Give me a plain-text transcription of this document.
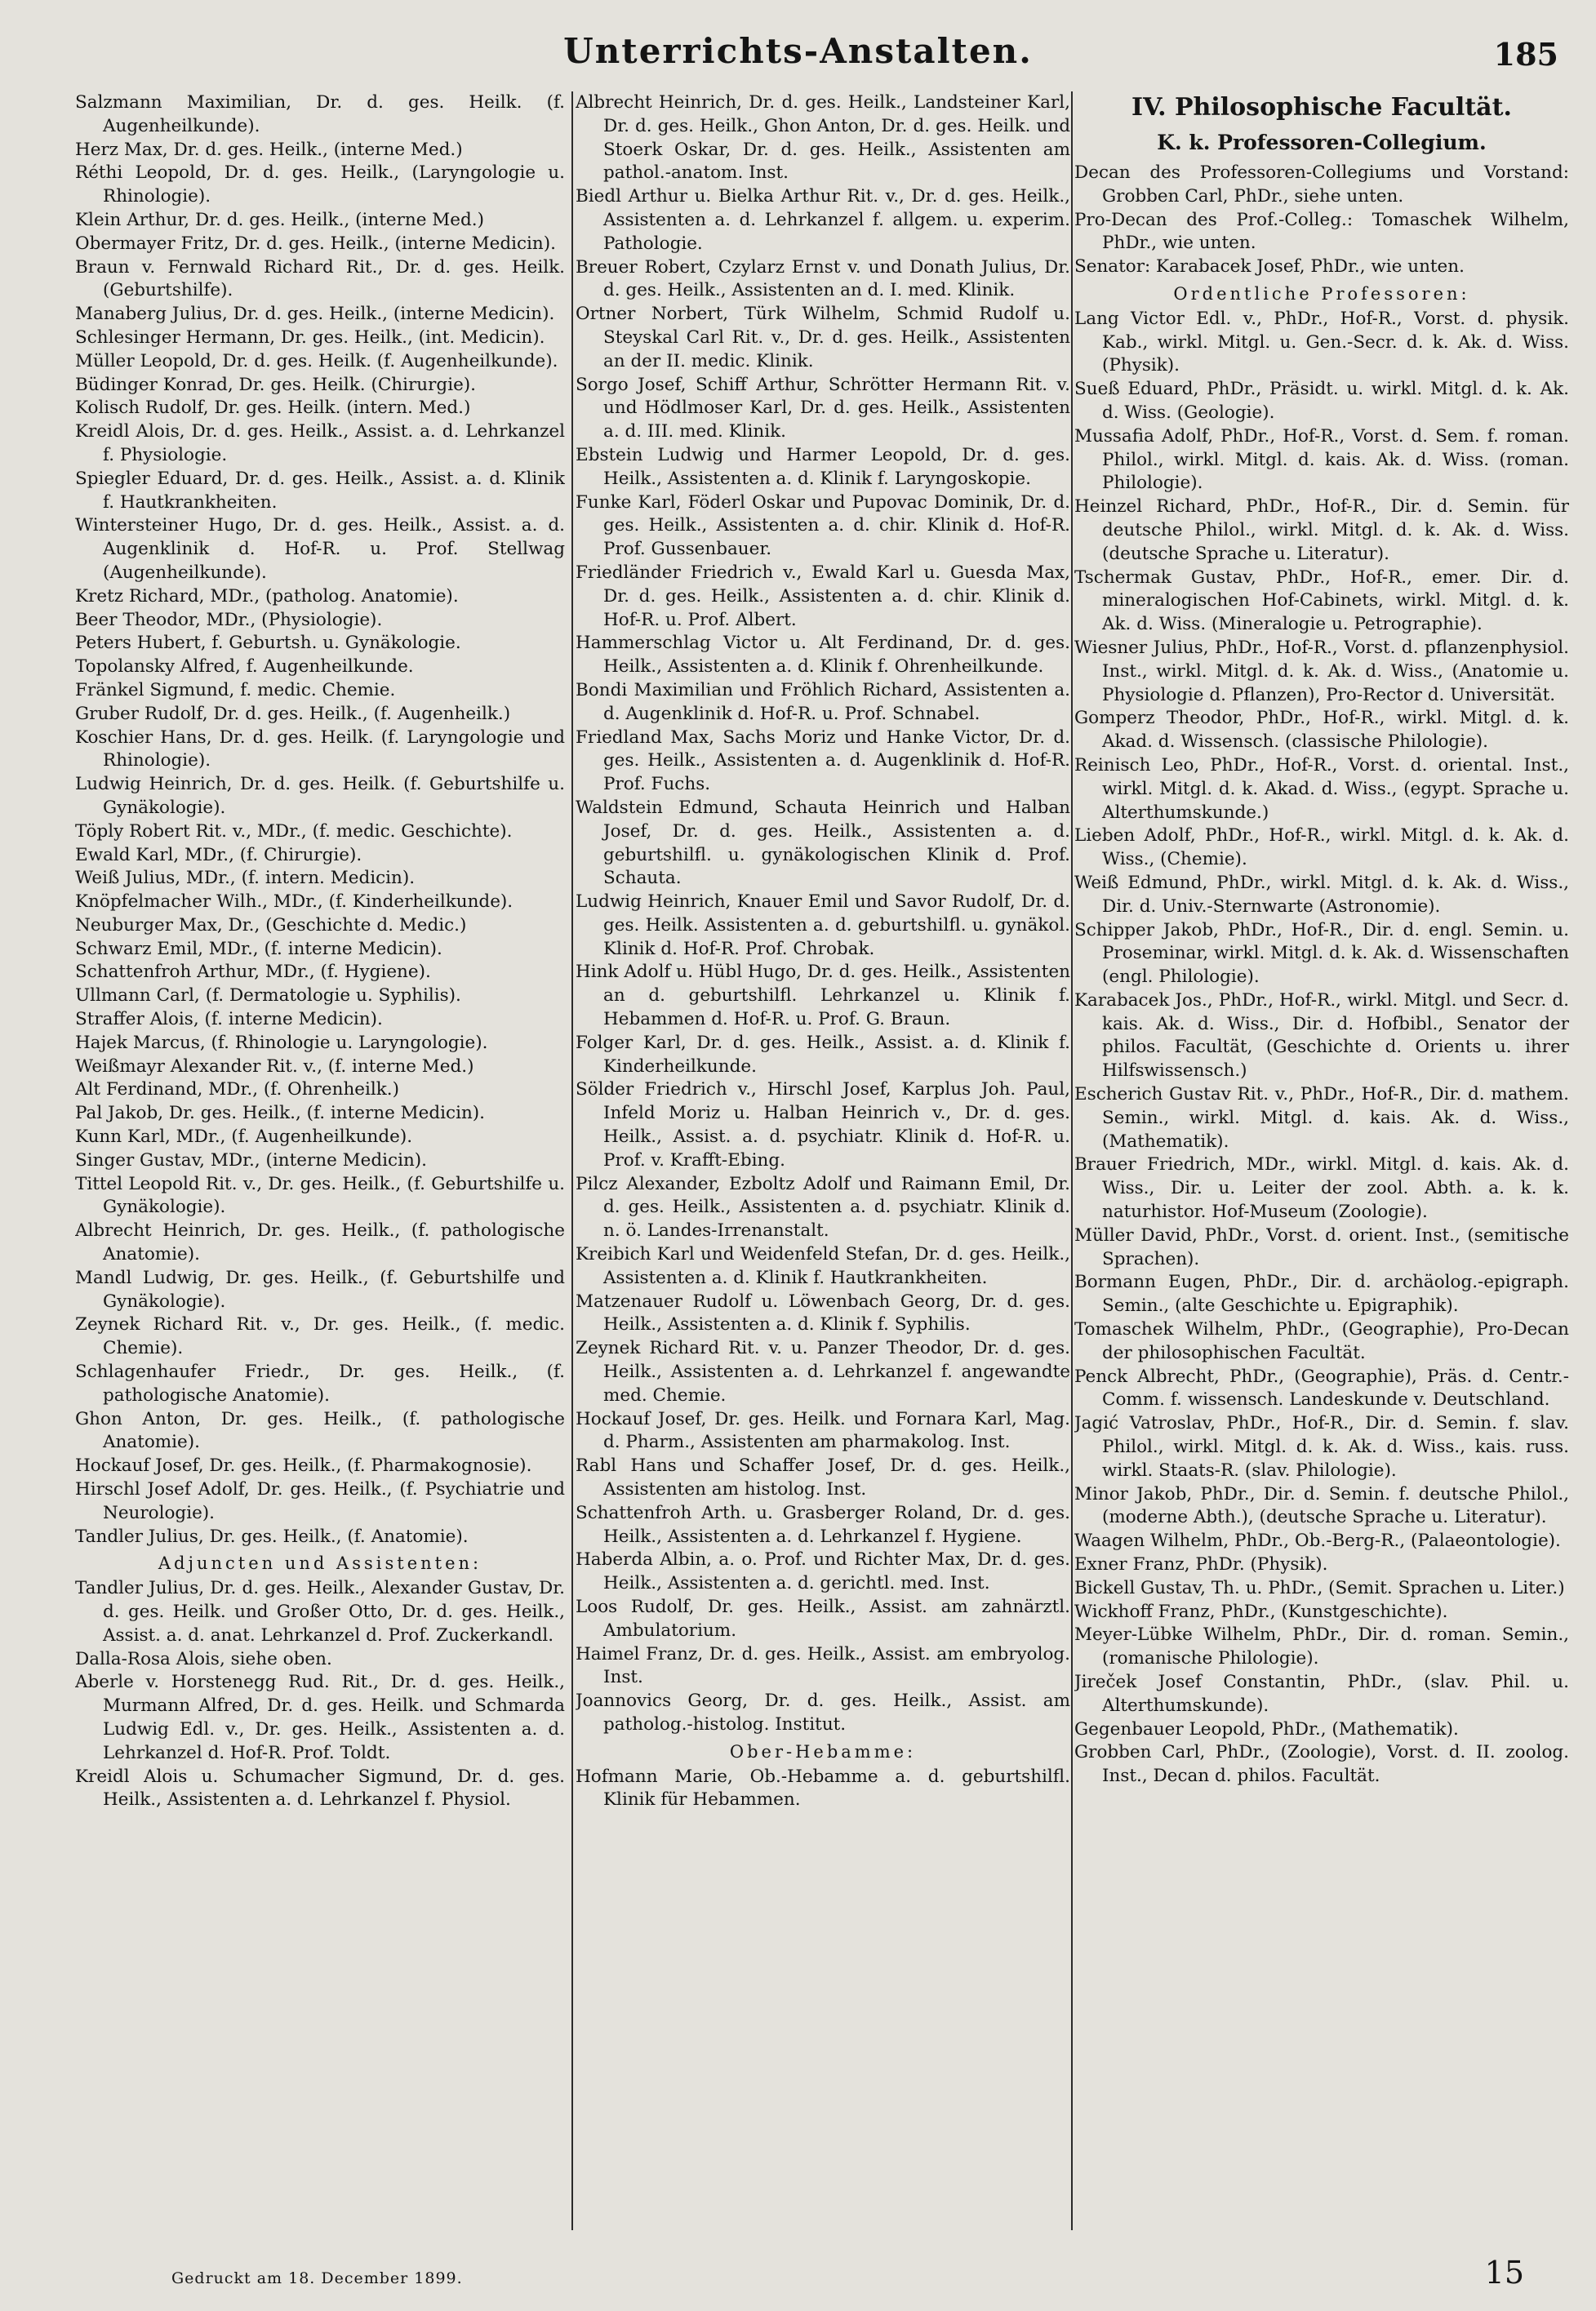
Unterrichts-Anstalten.	185

Salzmann Maximilian, Dr. d. ges. Heilk. (f. Augenheilkunde).

Herz Max, Dr. d. ges. Heilk., (interne Med.)

Réthi Leopold, Dr. d. ges. Heilk., (Laryngologie u. Rhinologie).

Klein Arthur, Dr. d. ges. Heilk., (interne Med.)

Obermayer Fritz, Dr. d. ges. Heilk., (interne Medicin).

Braun v. Fernwald Richard Rit., Dr. d. ges. Heilk. (Geburtshilfe).

Manaberg Julius, Dr. d. ges. Heilk., (interne Medicin).

Schlesinger Hermann, Dr. ges. Heilk., (int. Medicin).

Müller Leopold, Dr. d. ges. Heilk. (f. Augenheilkunde).

Büdinger Konrad, Dr. ges. Heilk. (Chirurgie).

Kolisch Rudolf, Dr. ges. Heilk. (intern. Med.)

Kreidl Alois, Dr. d. ges. Heilk., Assist. a. d. Lehrkanzel f. Physiologie.

Spiegler Eduard, Dr. d. ges. Heilk., Assist. a. d. Klinik f. Hautkrankheiten.

Wintersteiner Hugo, Dr. d. ges. Heilk., Assist. a. d. Augenklinik d. Hof-R. u. Prof. Stellwag (Augenheilkunde).

Kretz Richard, MDr., (patholog. Anatomie).

Beer Theodor, MDr., (Physiologie).

Peters Hubert, f. Geburtsh. u. Gynäkologie.

Topolansky Alfred, f. Augenheilkunde.

Fränkel Sigmund, f. medic. Chemie.

Gruber Rudolf, Dr. d. ges. Heilk., (f. Augenheilk.)

Koschier Hans, Dr. d. ges. Heilk. (f. Laryngologie und Rhinologie).

Ludwig Heinrich, Dr. d. ges. Heilk. (f. Geburtshilfe u. Gynäkologie).

Töply Robert Rit. v., MDr., (f. medic. Geschichte).

Ewald Karl, MDr., (f. Chirurgie).

Weiß Julius, MDr., (f. intern. Medicin).

Knöpfelmacher Wilh., MDr., (f. Kinderheilkunde).

Neuburger Max, Dr., (Geschichte d. Medic.)

Schwarz Emil, MDr., (f. interne Medicin).

Schattenfroh Arthur, MDr., (f. Hygiene).

Ullmann Carl, (f. Dermatologie u. Syphilis).

Straffer Alois, (f. interne Medicin).

Hajek Marcus, (f. Rhinologie u. Laryngologie).

Weißmayr Alexander Rit. v., (f. interne Med.)

Alt Ferdinand, MDr., (f. Ohrenheilk.)

Pal Jakob, Dr. ges. Heilk., (f. interne Medicin).

Kunn Karl, MDr., (f. Augenheilkunde).

Singer Gustav, MDr., (interne Medicin).

Tittel Leopold Rit. v., Dr. ges. Heilk., (f. Geburtshilfe u. Gynäkologie).

Albrecht Heinrich, Dr. ges. Heilk., (f. pathologische Anatomie).

Mandl Ludwig, Dr. ges. Heilk., (f. Geburtshilfe und Gynäkologie).

Zeynek Richard Rit. v., Dr. ges. Heilk., (f. medic. Chemie).

Schlagenhaufer Friedr., Dr. ges. Heilk., (f. pathologische Anatomie).

Ghon Anton, Dr. ges. Heilk., (f. pathologische Anatomie).

Hockauf Josef, Dr. ges. Heilk., (f. Pharmakognosie).

Hirschl Josef Adolf, Dr. ges. Heilk., (f. Psychiatrie und Neurologie).

Tandler Julius, Dr. ges. Heilk., (f. Anatomie).

Adjuncten und Assistenten:

Tandler Julius, Dr. d. ges. Heilk., Alexander Gustav, Dr. d. ges. Heilk. und Großer Otto, Dr. d. ges. Heilk., Assist. a. d. anat. Lehrkanzel d. Prof. Zuckerkandl.

Dalla-Rosa Alois, siehe oben.

Aberle v. Horstenegg Rud. Rit., Dr. d. ges. Heilk., Murmann Alfred, Dr. d. ges. Heilk. und Schmarda Ludwig Edl. v., Dr. ges. Heilk., Assistenten a. d. Lehrkanzel d. Hof-R. Prof. Toldt.

Kreidl Alois u. Schumacher Sigmund, Dr. d. ges. Heilk., Assistenten a. d. Lehrkanzel f. Physiol.

Albrecht Heinrich, Dr. d. ges. Heilk., Landsteiner Karl, Dr. d. ges. Heilk., Ghon Anton, Dr. d. ges. Heilk. und Stoerk Oskar, Dr. d. ges. Heilk., Assistenten am pathol.-anatom. Inst.

Biedl Arthur u. Bielka Arthur Rit. v., Dr. d. ges. Heilk., Assistenten a. d. Lehrkanzel f. allgem. u. experim. Pathologie.

Breuer Robert, Czylarz Ernst v. und Donath Julius, Dr. d. ges. Heilk., Assistenten an d. I. med. Klinik.

Ortner Norbert, Türk Wilhelm, Schmid Rudolf u. Steyskal Carl Rit. v., Dr. d. ges. Heilk., Assistenten an der II. medic. Klinik.

Sorgo Josef, Schiff Arthur, Schrötter Hermann Rit. v. und Hödlmoser Karl, Dr. d. ges. Heilk., Assistenten a. d. III. med. Klinik.

Ebstein Ludwig und Harmer Leopold, Dr. d. ges. Heilk., Assistenten a. d. Klinik f. Laryngoskopie.

Funke Karl, Föderl Oskar und Pupovac Dominik, Dr. d. ges. Heilk., Assistenten a. d. chir. Klinik d. Hof-R. Prof. Gussenbauer.

Friedländer Friedrich v., Ewald Karl u. Guesda Max, Dr. d. ges. Heilk., Assistenten a. d. chir. Klinik d. Hof-R. u. Prof. Albert.

Hammerschlag Victor u. Alt Ferdinand, Dr. d. ges. Heilk., Assistenten a. d. Klinik f. Ohrenheilkunde.

Bondi Maximilian und Fröhlich Richard, Assistenten a. d. Augenklinik d. Hof-R. u. Prof. Schnabel.

Friedland Max, Sachs Moriz und Hanke Victor, Dr. d. ges. Heilk., Assistenten a. d. Augenklinik d. Hof-R. Prof. Fuchs.

Waldstein Edmund, Schauta Heinrich und Halban Josef, Dr. d. ges. Heilk., Assistenten a. d. geburtshilfl. u. gynäkologischen Klinik d. Prof. Schauta.

Ludwig Heinrich, Knauer Emil und Savor Rudolf, Dr. d. ges. Heilk. Assistenten a. d. geburtshilfl. u. gynäkol. Klinik d. Hof-R. Prof. Chrobak.

Hink Adolf u. Hübl Hugo, Dr. d. ges. Heilk., Assistenten an d. geburtshilfl. Lehrkanzel u. Klinik f. Hebammen d. Hof-R. u. Prof. G. Braun.

Folger Karl, Dr. d. ges. Heilk., Assist. a. d. Klinik f. Kinderheilkunde.

Sölder Friedrich v., Hirschl Josef, Karplus Joh. Paul, Infeld Moriz u. Halban Heinrich v., Dr. d. ges. Heilk., Assist. a. d. psychiatr. Klinik d. Hof-R. u. Prof. v. Krafft-Ebing.

Pilcz Alexander, Ezboltz Adolf und Raimann Emil, Dr. d. ges. Heilk., Assistenten a. d. psychiatr. Klinik d. n. ö. Landes-Irrenanstalt.

Kreibich Karl und Weidenfeld Stefan, Dr. d. ges. Heilk., Assistenten a. d. Klinik f. Hautkrankheiten.

Matzenauer Rudolf u. Löwenbach Georg, Dr. d. ges. Heilk., Assistenten a. d. Klinik f. Syphilis.

Zeynek Richard Rit. v. u. Panzer Theodor, Dr. d. ges. Heilk., Assistenten a. d. Lehrkanzel f. angewandte med. Chemie.

Hockauf Josef, Dr. ges. Heilk. und Fornara Karl, Mag. d. Pharm., Assistenten am pharmakolog. Inst.

Rabl Hans und Schaffer Josef, Dr. d. ges. Heilk., Assistenten am histolog. Inst.

Schattenfroh Arth. u. Grasberger Roland, Dr. d. ges. Heilk., Assistenten a. d. Lehrkanzel f. Hygiene.

Haberda Albin, a. o. Prof. und Richter Max, Dr. d. ges. Heilk., Assistenten a. d. gerichtl. med. Inst.

Loos Rudolf, Dr. ges. Heilk., Assist. am zahnärztl. Ambulatorium.

Haimel Franz, Dr. d. ges. Heilk., Assist. am embryolog. Inst.

Joannovics Georg, Dr. d. ges. Heilk., Assist. am patholog.-histolog. Institut.

Ober-Hebamme:

Hofmann Marie, Ob.-Hebamme a. d. geburtshilfl. Klinik für Hebammen.

IV. Philosophische Facultät.
K. k. Professoren-Collegium.

Decan des Professoren-Collegiums und Vorstand: Grobben Carl, PhDr., siehe unten.

Pro-Decan des Prof.-Colleg.: Tomaschek Wilhelm, PhDr., wie unten.

Senator: Karabacek Josef, PhDr., wie unten.

Ordentliche Professoren:

Lang Victor Edl. v., PhDr., Hof-R., Vorst. d. physik. Kab., wirkl. Mitgl. u. Gen.-Secr. d. k. Ak. d. Wiss. (Physik).

Sueß Eduard, PhDr., Präsidt. u. wirkl. Mitgl. d. k. Ak. d. Wiss. (Geologie).

Mussafia Adolf, PhDr., Hof-R., Vorst. d. Sem. f. roman. Philol., wirkl. Mitgl. d. kais. Ak. d. Wiss. (roman. Philologie).

Heinzel Richard, PhDr., Hof-R., Dir. d. Semin. für deutsche Philol., wirkl. Mitgl. d. k. Ak. d. Wiss. (deutsche Sprache u. Literatur).

Tschermak Gustav, PhDr., Hof-R., emer. Dir. d. mineralogischen Hof-Cabinets, wirkl. Mitgl. d. k. Ak. d. Wiss. (Mineralogie u. Petrographie).

Wiesner Julius, PhDr., Hof-R., Vorst. d. pflanzenphysiol. Inst., wirkl. Mitgl. d. k. Ak. d. Wiss., (Anatomie u. Physiologie d. Pflanzen), Pro-Rector d. Universität.

Gomperz Theodor, PhDr., Hof-R., wirkl. Mitgl. d. k. Akad. d. Wissensch. (classische Philologie).

Reinisch Leo, PhDr., Hof-R., Vorst. d. oriental. Inst., wirkl. Mitgl. d. k. Akad. d. Wiss., (egypt. Sprache u. Alterthumskunde.)

Lieben Adolf, PhDr., Hof-R., wirkl. Mitgl. d. k. Ak. d. Wiss., (Chemie).

Weiß Edmund, PhDr., wirkl. Mitgl. d. k. Ak. d. Wiss., Dir. d. Univ.-Sternwarte (Astronomie).

Schipper Jakob, PhDr., Hof-R., Dir. d. engl. Semin. u. Proseminar, wirkl. Mitgl. d. k. Ak. d. Wissenschaften (engl. Philologie).

Karabacek Jos., PhDr., Hof-R., wirkl. Mitgl. und Secr. d. kais. Ak. d. Wiss., Dir. d. Hofbibl., Senator der philos. Facultät, (Geschichte d. Orients u. ihrer Hilfswissensch.)

Escherich Gustav Rit. v., PhDr., Hof-R., Dir. d. mathem. Semin., wirkl. Mitgl. d. kais. Ak. d. Wiss., (Mathematik).

Brauer Friedrich, MDr., wirkl. Mitgl. d. kais. Ak. d. Wiss., Dir. u. Leiter der zool. Abth. a. k. k. naturhistor. Hof-Museum (Zoologie).

Müller David, PhDr., Vorst. d. orient. Inst., (semitische Sprachen).

Bormann Eugen, PhDr., Dir. d. archäolog.-epigraph. Semin., (alte Geschichte u. Epigraphik).

Tomaschek Wilhelm, PhDr., (Geographie), Pro-Decan der philosophischen Facultät.

Penck Albrecht, PhDr., (Geographie), Präs. d. Centr.-Comm. f. wissensch. Landeskunde v. Deutschland.

Jagić Vatroslav, PhDr., Hof-R., Dir. d. Semin. f. slav. Philol., wirkl. Mitgl. d. k. Ak. d. Wiss., kais. russ. wirkl. Staats-R. (slav. Philologie).

Minor Jakob, PhDr., Dir. d. Semin. f. deutsche Philol., (moderne Abth.), (deutsche Sprache u. Literatur).

Waagen Wilhelm, PhDr., Ob.-Berg-R., (Palaeontologie).

Exner Franz, PhDr. (Physik).

Bickell Gustav, Th. u. PhDr., (Semit. Sprachen u. Liter.)

Wickhoff Franz, PhDr., (Kunstgeschichte).

Meyer-Lübke Wilhelm, PhDr., Dir. d. roman. Semin., (romanische Philologie).

Jireček Josef Constantin, PhDr., (slav. Phil. u. Alterthumskunde).

Gegenbauer Leopold, PhDr., (Mathematik).

Grobben Carl, PhDr., (Zoologie), Vorst. d. II. zoolog. Inst., Decan d. philos. Facultät.

Gedruckt am 18. December 1899.	15
